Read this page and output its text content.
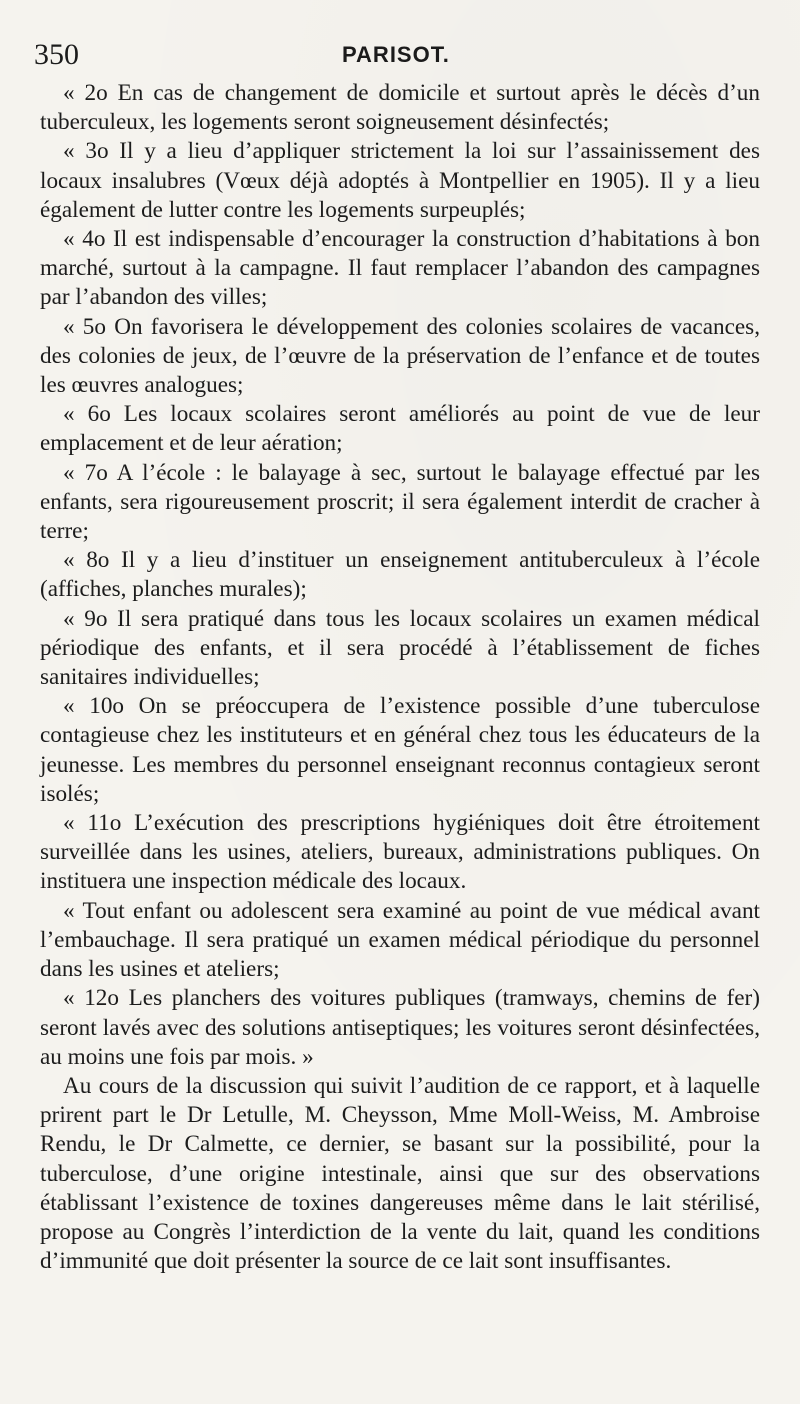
350	PARISOT.

« 2o En cas de changement de domicile et surtout après le décès d’un tuberculeux, les logements seront soigneusement désinfectés;

« 3o Il y a lieu d’appliquer strictement la loi sur l’assainissement des locaux insalubres (Vœux déjà adoptés à Montpellier en 1905). Il y a lieu également de lutter contre les logements surpeuplés;

« 4o Il est indispensable d’encourager la construction d’habitations à bon marché, surtout à la campagne. Il faut remplacer l’abandon des campagnes par l’abandon des villes;

« 5o On favorisera le développement des colonies scolaires de vacances, des colonies de jeux, de l’œuvre de la préservation de l’enfance et de toutes les œuvres analogues;

« 6o Les locaux scolaires seront améliorés au point de vue de leur emplacement et de leur aération;

« 7o A l’école : le balayage à sec, surtout le balayage effectué par les enfants, sera rigoureusement proscrit; il sera également interdit de cracher à terre;

« 8o Il y a lieu d’instituer un enseignement antituberculeux à l’école (affiches, planches murales);

« 9o Il sera pratiqué dans tous les locaux scolaires un examen médical périodique des enfants, et il sera procédé à l’établissement de fiches sanitaires individuelles;

« 10o On se préoccupera de l’existence possible d’une tuberculose contagieuse chez les instituteurs et en général chez tous les éducateurs de la jeunesse. Les membres du personnel enseignant reconnus contagieux seront isolés;

« 11o L’exécution des prescriptions hygiéniques doit être étroitement surveillée dans les usines, ateliers, bureaux, administrations publiques. On instituera une inspection médicale des locaux.

« Tout enfant ou adolescent sera examiné au point de vue médical avant l’embauchage. Il sera pratiqué un examen médical périodique du personnel dans les usines et ateliers;

« 12o Les planchers des voitures publiques (tramways, chemins de fer) seront lavés avec des solutions antiseptiques; les voitures seront désinfectées, au moins une fois par mois. »

Au cours de la discussion qui suivit l’audition de ce rapport, et à laquelle prirent part le Dr Letulle, M. Cheysson, Mme Moll-Weiss, M. Ambroise Rendu, le Dr Calmette, ce dernier, se basant sur la possibilité, pour la tuberculose, d’une origine intestinale, ainsi que sur des observations établissant l’existence de toxines dangereuses même dans le lait stérilisé, propose au Congrès l’interdiction de la vente du lait, quand les conditions d’immunité que doit présenter la source de ce lait sont insuffisantes.
